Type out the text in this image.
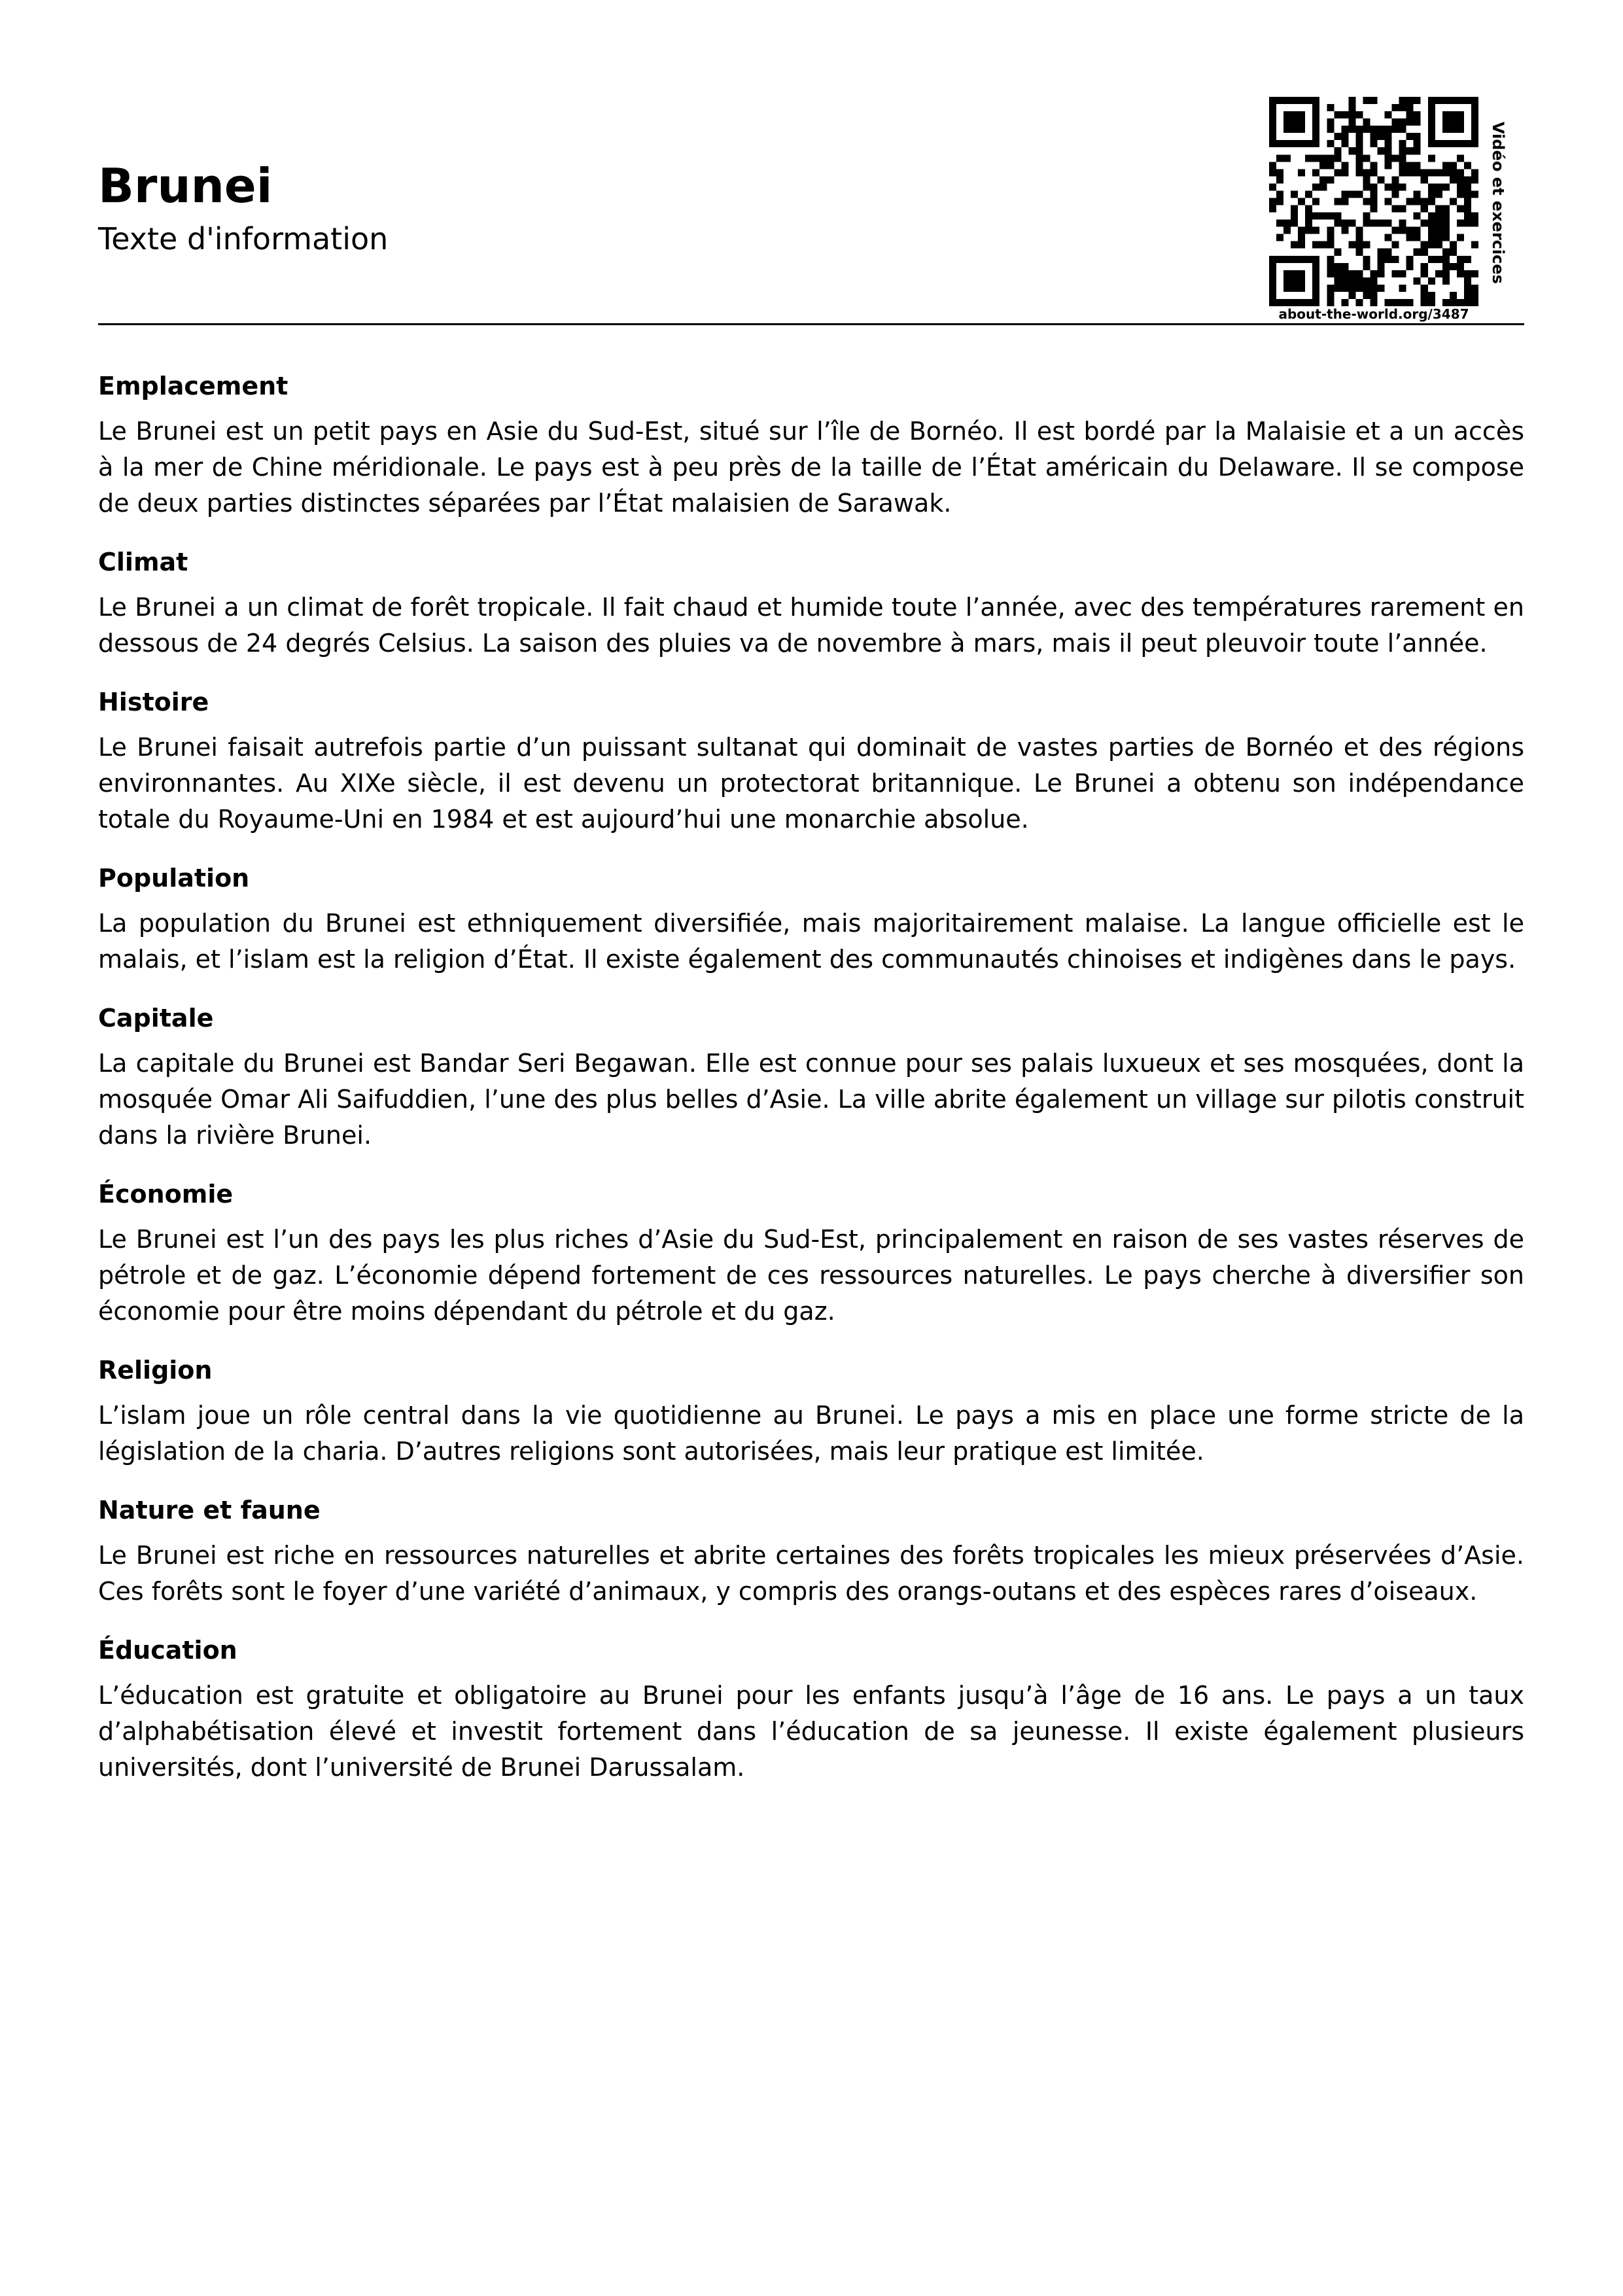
Brunei
Texte d'information
about-the-world.org/3487
Vidéo et exercices
Emplacement

Le Brunei est un petit pays en Asie du Sud-Est, situé sur l’île de Bornéo. Il est bordé par la Malaisie et a un accès à la mer de Chine méridionale. Le pays est à peu près de la taille de l’État américain du Delaware. Il se compose de deux parties distinctes séparées par l’État malaisien de Sarawak.

Climat

Le Brunei a un climat de forêt tropicale. Il fait chaud et humide toute l’année, avec des températures rarement en dessous de 24 degrés Celsius. La saison des pluies va de novembre à mars, mais il peut pleuvoir toute l’année.

Histoire

Le Brunei faisait autrefois partie d’un puissant sultanat qui dominait de vastes parties de Bornéo et des régions environnantes. Au XIXe siècle, il est devenu un protectorat britannique. Le Brunei a obtenu son indépendance totale du Royaume-Uni en 1984 et est aujourd’hui une monarchie absolue.

Population

La population du Brunei est ethniquement diversifiée, mais majoritairement malaise. La langue officielle est le malais, et l’islam est la religion d’État. Il existe également des communautés chinoises et indigènes dans le pays.

Capitale

La capitale du Brunei est Bandar Seri Begawan. Elle est connue pour ses palais luxueux et ses mosquées, dont la mosquée Omar Ali Saifuddien, l’une des plus belles d’Asie. La ville abrite également un village sur pilotis construit dans la rivière Brunei.

Économie

Le Brunei est l’un des pays les plus riches d’Asie du Sud-Est, principalement en raison de ses vastes réserves de pétrole et de gaz. L’économie dépend fortement de ces ressources naturelles. Le pays cherche à diversifier son économie pour être moins dépendant du pétrole et du gaz.

Religion

L’islam joue un rôle central dans la vie quotidienne au Brunei. Le pays a mis en place une forme stricte de la législation de la charia. D’autres religions sont autorisées, mais leur pratique est limitée.

Nature et faune

Le Brunei est riche en ressources naturelles et abrite certaines des forêts tropicales les mieux préservées d’Asie. Ces forêts sont le foyer d’une variété d’animaux, y compris des orangs-outans et des espèces rares d’oiseaux.

Éducation

L’éducation est gratuite et obligatoire au Brunei pour les enfants jusqu’à l’âge de 16 ans. Le pays a un taux d’alphabétisation élevé et investit fortement dans l’éducation de sa jeunesse. Il existe également plusieurs universités, dont l’université de Brunei Darussalam.
